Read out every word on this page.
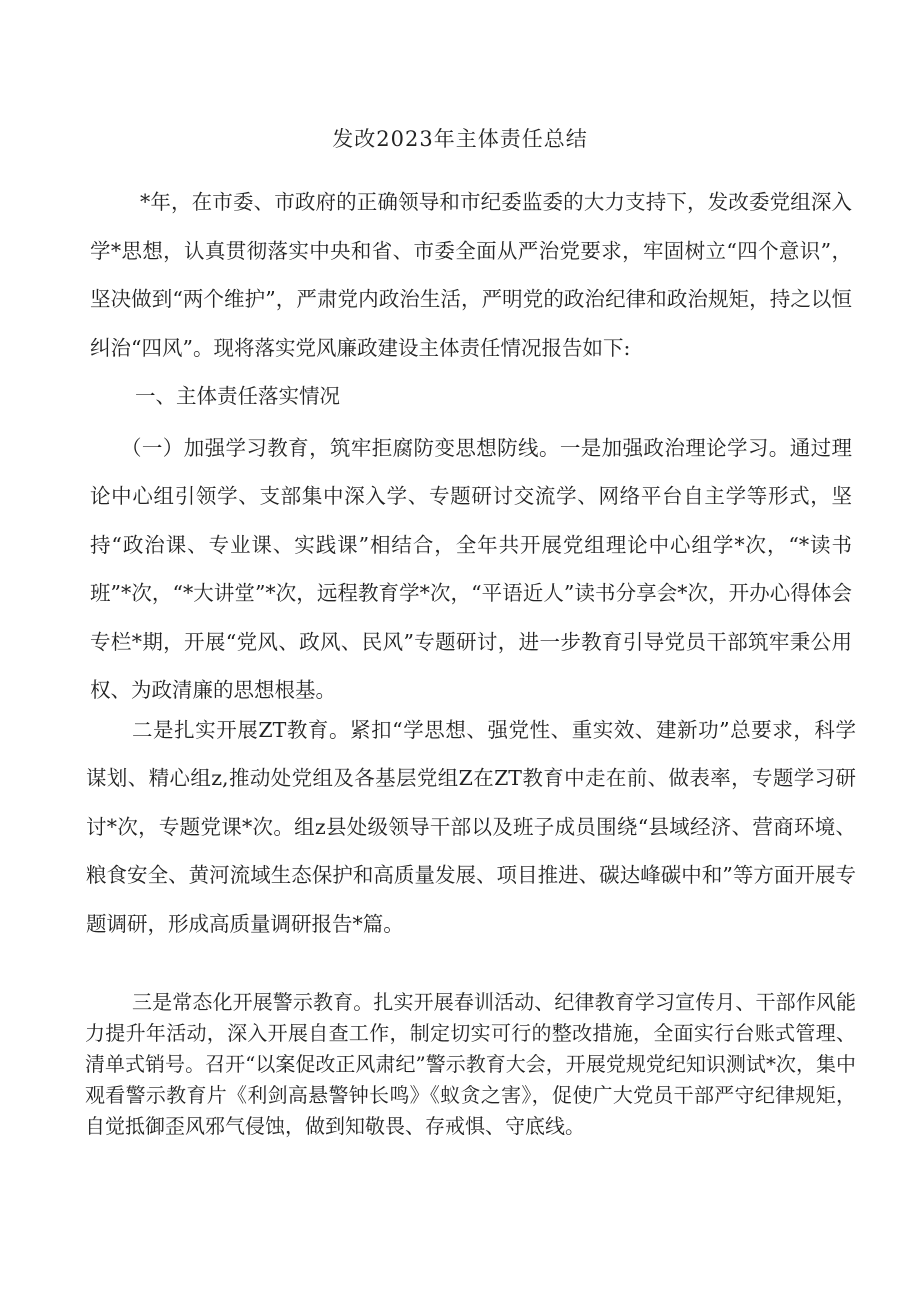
发改2023年主体责任总结

*年，在市委、市政府的正确领导和市纪委监委的大力支持下，发改委党组深入学*思想，认真贯彻落实中央和省、市委全面从严治党要求，牢固树立“四个意识”，坚决做到“两个维护”，严肃党内政治生活，严明党的政治纪律和政治规矩，持之以恒纠治“四风”。现将落实党风廉政建设主体责任情况报告如下:

一、主体责任落实情况

（一）加强学习教育，筑牢拒腐防变思想防线。一是加强政治理论学习。通过理论中心组引领学、支部集中深入学、专题研讨交流学、网络平台自主学等形式，坚持“政治课、专业课、实践课”相结合，全年共开展党组理论中心组学*次，“*读书班”*次，“*大讲堂”*次，远程教育学*次，“平语近人”读书分享会*次，开办心得体会专栏*期，开展“党风、政风、民风”专题研讨，进一步教育引导党员干部筑牢秉公用权、为政清廉的思想根基。

二是扎实开展ZT教育。紧扣“学思想、强党性、重实效、建新功”总要求，科学谋划、精心组z,推动处党组及各基层党组Z在ZT教育中走在前、做表率，专题学习研讨*次，专题党课*次。组z县处级领导干部以及班子成员围绕“县域经济、营商环境、粮食安全、黄河流域生态保护和高质量发展、项目推进、碳达峰碳中和”等方面开展专题调研，形成高质量调研报告*篇。

三是常态化开展警示教育。扎实开展春训活动、纪律教育学习宣传月、干部作风能力提升年活动，深入开展自查工作，制定切实可行的整改措施，全面实行台账式管理、清单式销号。召开“以案促改正风肃纪”警示教育大会，开展党规党纪知识测试*次，集中观看警示教育片《利剑高悬警钟长鸣》《蚁贪之害》，促使广大党员干部严守纪律规矩，自觉抵御歪风邪气侵蚀，做到知敬畏、存戒惧、守底线。
